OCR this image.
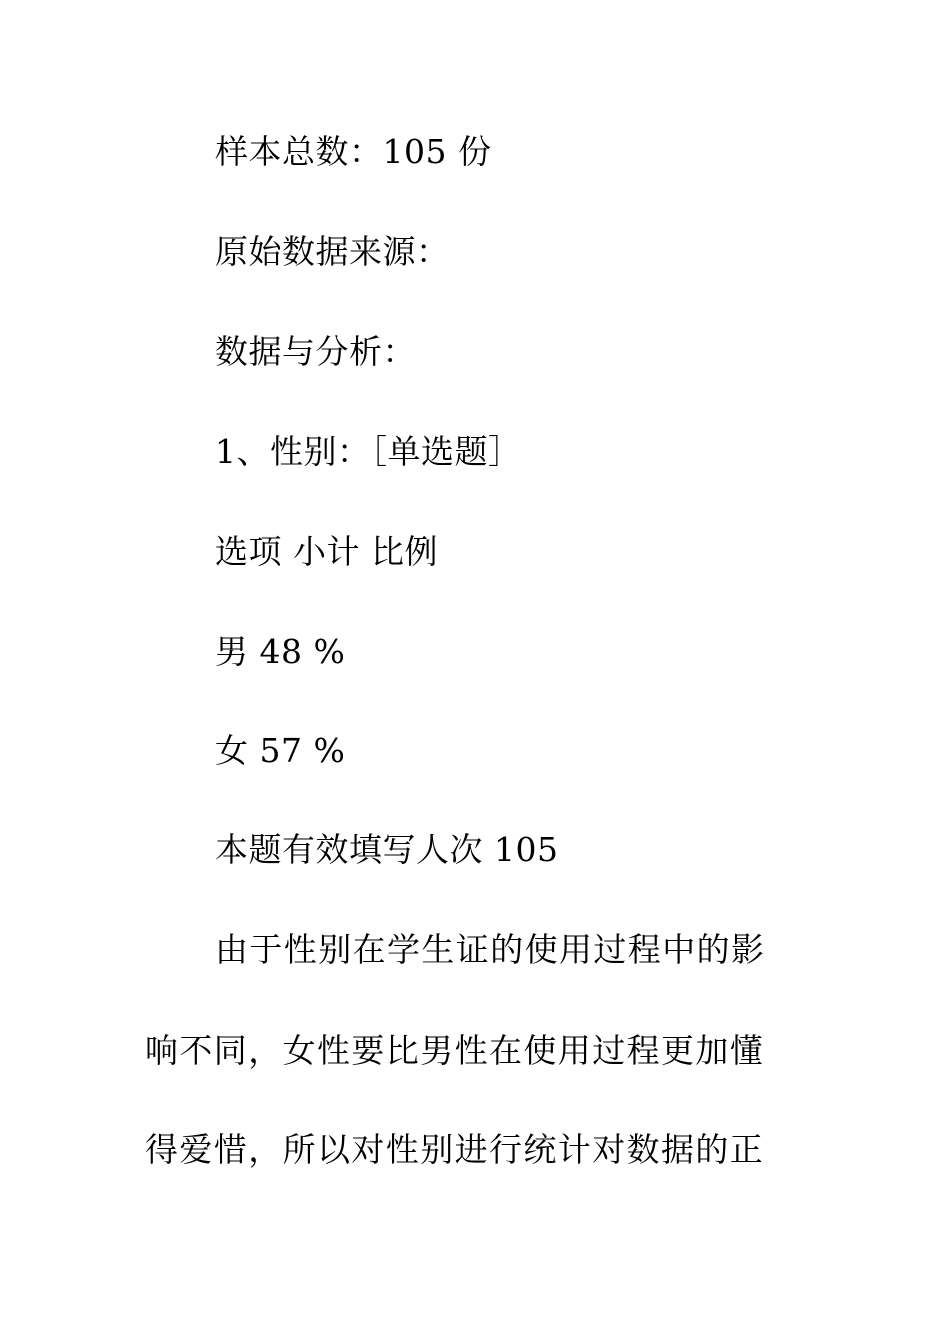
样本总数：105 份
原始数据来源：
数据与分析：
1、性别：［单选题］
选项 小计 比例
男 48 %
女 57 %
本题有效填写人次 105
由于性别在学生证的使用过程中的影
响不同，女性要比男性在使用过程更加懂
得爱惜，所以对性别进行统计对数据的正
